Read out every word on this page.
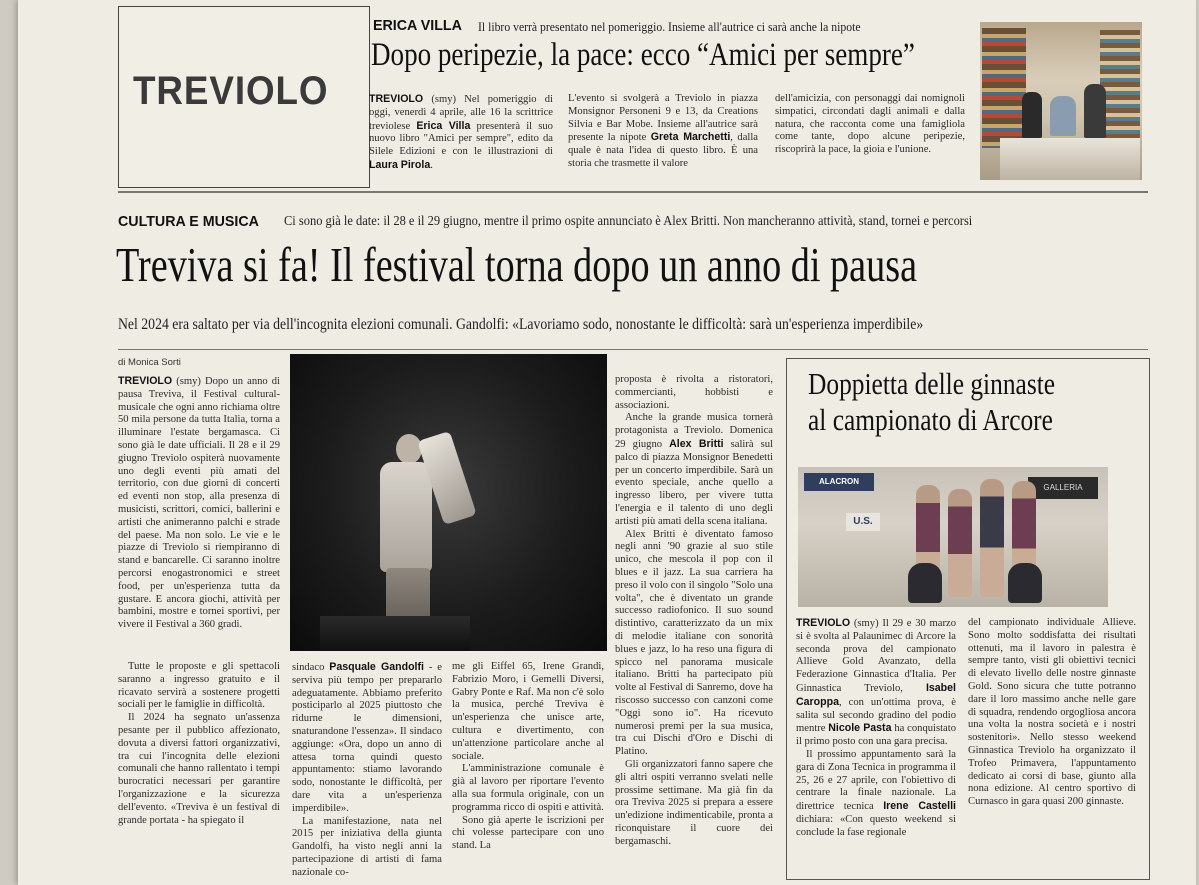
TREVIOLO
ERICA VILLA Il libro verrà presentato nel pomeriggio. Insieme all'autrice ci sarà anche la nipote
Dopo peripezie, la pace: ecco “Amici per sempre”
TREVIOLO (smy) Nel pomeriggio di oggi, venerdì 4 aprile, alle 16 la scrittrice treviolese Erica Villa presenterà il suo nuovo libro "Amici per sempre", edito da Silele Edizioni e con le illustrazioni di Laura Pirola.
L'evento si svolgerà a Treviolo in piazza Monsignor Personeni 9 e 13, da Creations Silvia e Bar Mobe. Insieme all'autrice sarà presente la nipote Greta Marchetti, dalla quale è nata l'idea di questo libro. È una storia che trasmette il valore
dell'amicizia, con personaggi dai nomignoli simpatici, circondati dagli animali e dalla natura, che racconta come una famigliola come tante, dopo alcune peripezie, riscoprirà la pace, la gioia e l'unione.
CULTURA E MUSICA Ci sono già le date: il 28 e il 29 giugno, mentre il primo ospite annunciato è Alex Britti. Non mancheranno attività, stand, tornei e percorsi
Treviva si fa! Il festival torna dopo un anno di pausa
Nel 2024 era saltato per via dell'incognita elezioni comunali. Gandolfi: «Lavoriamo sodo, nonostante le difficoltà: sarà un'esperienza imperdibile»
di Monica Sorti
TREVIOLO (smy) Dopo un anno di pausa Treviva, il Festival cultural-musicale che ogni anno richiama oltre 50 mila persone da tutta Italia, torna a illuminare l'estate bergamasca. Ci sono già le date ufficiali. Il 28 e il 29 giugno Treviolo ospiterà nuovamente uno degli eventi più amati del territorio, con due giorni di concerti ed eventi non stop, alla presenza di musicisti, scrittori, comici, ballerini e artisti che animeranno palchi e strade del paese. Ma non solo. Le vie e le piazze di Treviolo si riempiranno di stand e bancarelle. Ci saranno inoltre percorsi enogastronomici e street food, per un'esperienza tutta da gustare. E ancora giochi, attività per bambini, mostre e tornei sportivi, per vivere il Festival a 360 gradi.
Tutte le proposte e gli spettacoli saranno a ingresso gratuito e il ricavato servirà a sostenere progetti sociali per le famiglie in difficoltà.
Il 2024 ha segnato un'assenza pesante per il pubblico affezionato, dovuta a diversi fattori organizzativi, tra cui l'incognita delle elezioni comunali che hanno rallentato i tempi burocratici necessari per garantire l'organizzazione e la sicurezza dell'evento. «Treviva è un festival di grande portata - ha spiegato il
sindaco Pasquale Gandolfi - e serviva più tempo per prepararlo adeguatamente. Abbiamo preferito posticiparlo al 2025 piuttosto che ridurne le dimensioni, snaturandone l'essenza». Il sindaco aggiunge: «Ora, dopo un anno di attesa torna quindi questo appuntamento: stiamo lavorando sodo, nonostante le difficoltà, per dare vita a un'esperienza imperdibile».
La manifestazione, nata nel 2015 per iniziativa della giunta Gandolfi, ha visto negli anni la partecipazione di artisti di fama nazionale co-
me gli Eiffel 65, Irene Grandi, Fabrizio Moro, i Gemelli Diversi, Gabry Ponte e Raf. Ma non c'è solo la musica, perché Treviva è un'esperienza che unisce arte, cultura e divertimento, con un'attenzione particolare anche al sociale.
L'amministrazione comunale è già al lavoro per riportare l'evento alla sua formula originale, con un programma ricco di ospiti e attività.
Sono già aperte le iscrizioni per chi volesse partecipare con uno stand. La
proposta è rivolta a ristoratori, commercianti, hobbisti e associazioni.
Anche la grande musica tornerà protagonista a Treviolo. Domenica 29 giugno Alex Britti salirà sul palco di piazza Monsignor Benedetti per un concerto imperdibile. Sarà un evento speciale, anche quello a ingresso libero, per vivere tutta l'energia e il talento di uno degli artisti più amati della scena italiana.
Alex Britti è diventato famoso negli anni '90 grazie al suo stile unico, che mescola il pop con il blues e il jazz. La sua carriera ha preso il volo con il singolo "Solo una volta", che è diventato un grande successo radiofonico. Il suo sound distintivo, caratterizzato da un mix di melodie italiane con sonorità blues e jazz, lo ha reso una figura di spicco nel panorama musicale italiano. Britti ha partecipato più volte al Festival di Sanremo, dove ha riscosso successo con canzoni come "Oggi sono io". Ha ricevuto numerosi premi per la sua musica, tra cui Dischi d'Oro e Dischi di Platino.
Gli organizzatori fanno sapere che gli altri ospiti verranno svelati nelle prossime settimane. Ma già fin da ora Treviva 2025 si prepara a essere un'edizione indimenticabile, pronta a riconquistare il cuore dei bergamaschi.
Doppietta delle ginnaste
al campionato di Arcore
ALACRON
GALLERIA
U.S.
TREVIOLO (smy) Il 29 e 30 marzo si è svolta al Palaunimec di Arcore la seconda prova del campionato Allieve Gold Avanzato, della Federazione Ginnastica d'Italia. Per Ginnastica Treviolo, Isabel Caroppa, con un'ottima prova, è salita sul secondo gradino del podio mentre Nicole Pasta ha conquistato il primo posto con una gara precisa.
Il prossimo appuntamento sarà la gara di Zona Tecnica in programma il 25, 26 e 27 aprile, con l'obiettivo di centrare la finale nazionale. La direttrice tecnica Irene Castelli dichiara: «Con questo weekend si conclude la fase regionale
del campionato individuale Allieve. Sono molto soddisfatta dei risultati ottenuti, ma il lavoro in palestra è sempre tanto, visti gli obiettivi tecnici di elevato livello delle nostre ginnaste Gold. Sono sicura che tutte potranno dare il loro massimo anche nelle gare di squadra, rendendo orgogliosa ancora una volta la nostra società e i nostri sostenitori». Nello stesso weekend Ginnastica Treviolo ha organizzato il Trofeo Primavera, l'appuntamento dedicato ai corsi di base, giunto alla nona edizione. Al centro sportivo di Curnasco in gara quasi 200 ginnaste.
